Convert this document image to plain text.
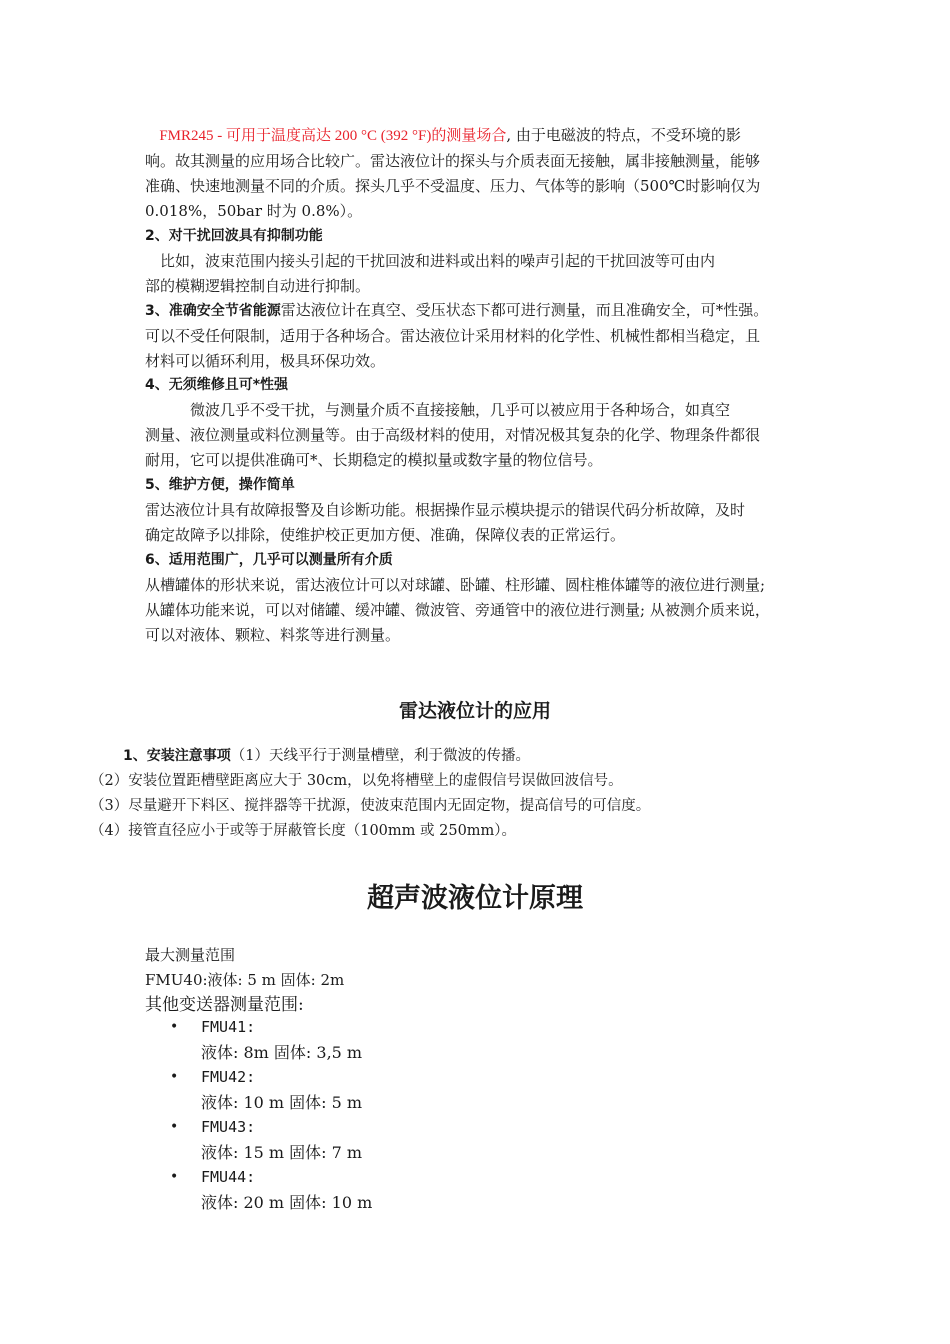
FMR245 - 可用于温度高达 200 °C (392 °F)的测量场合, 由于电磁波的特点，不受环境的影
响。故其测量的应用场合比较广。雷达液位计的探头与介质表面无接触，属非接触测量，能够
准确、快速地测量不同的介质。探头几乎不受温度、压力、气体等的影响（500℃时影响仅为
0.018%，50bar 时为 0.8%）。
2、对干扰回波具有抑制功能
　比如，波束范围内接头引起的干扰回波和进料或出料的噪声引起的干扰回波等可由内
部的模糊逻辑控制自动进行抑制。
3、准确安全节省能源雷达液位计在真空、受压状态下都可进行测量，而且准确安全，可*性强。
可以不受任何限制，适用于各种场合。雷达液位计采用材料的化学性、机械性都相当稳定，且
材料可以循环利用，极具环保功效。
4、无须维修且可*性强
　　　微波几乎不受干扰，与测量介质不直接接触，几乎可以被应用于各种场合，如真空
测量、液位测量或料位测量等。由于高级材料的使用，对情况极其复杂的化学、物理条件都很
耐用，它可以提供准确可*、长期稳定的模拟量或数字量的物位信号。
5、维护方便，操作简单
雷达液位计具有故障报警及自诊断功能。根据操作显示模块提示的错误代码分析故障，及时
确定故障予以排除，使维护校正更加方便、准确，保障仪表的正常运行。
6、适用范围广，几乎可以测量所有介质
从槽罐体的形状来说，雷达液位计可以对球罐、卧罐、柱形罐、圆柱椎体罐等的液位进行测量;
从罐体功能来说，可以对储罐、缓冲罐、微波管、旁通管中的液位进行测量; 从被测介质来说，
可以对液体、颗粒、料浆等进行测量。
雷达液位计的应用
1、安装注意事项（1）天线平行于测量槽壁，利于微波的传播。
（2）安装位置距槽壁距离应大于 30cm，以免将槽壁上的虚假信号误做回波信号。
（3）尽量避开下料区、搅拌器等干扰源，使波束范围内无固定物，提高信号的可信度。
（4）接管直径应小于或等于屏蔽管长度（100mm 或 250mm）。
超声波液位计原理
最大测量范围
FMU40:液体: 5 m 固体: 2m
其他变送器测量范围:
• FMU41:
液体: 8m 固体: 3,5 m
• FMU42:
液体: 10 m 固体: 5 m
• FMU43:
液体: 15 m 固体: 7 m
• FMU44:
液体: 20 m 固体: 10 m
